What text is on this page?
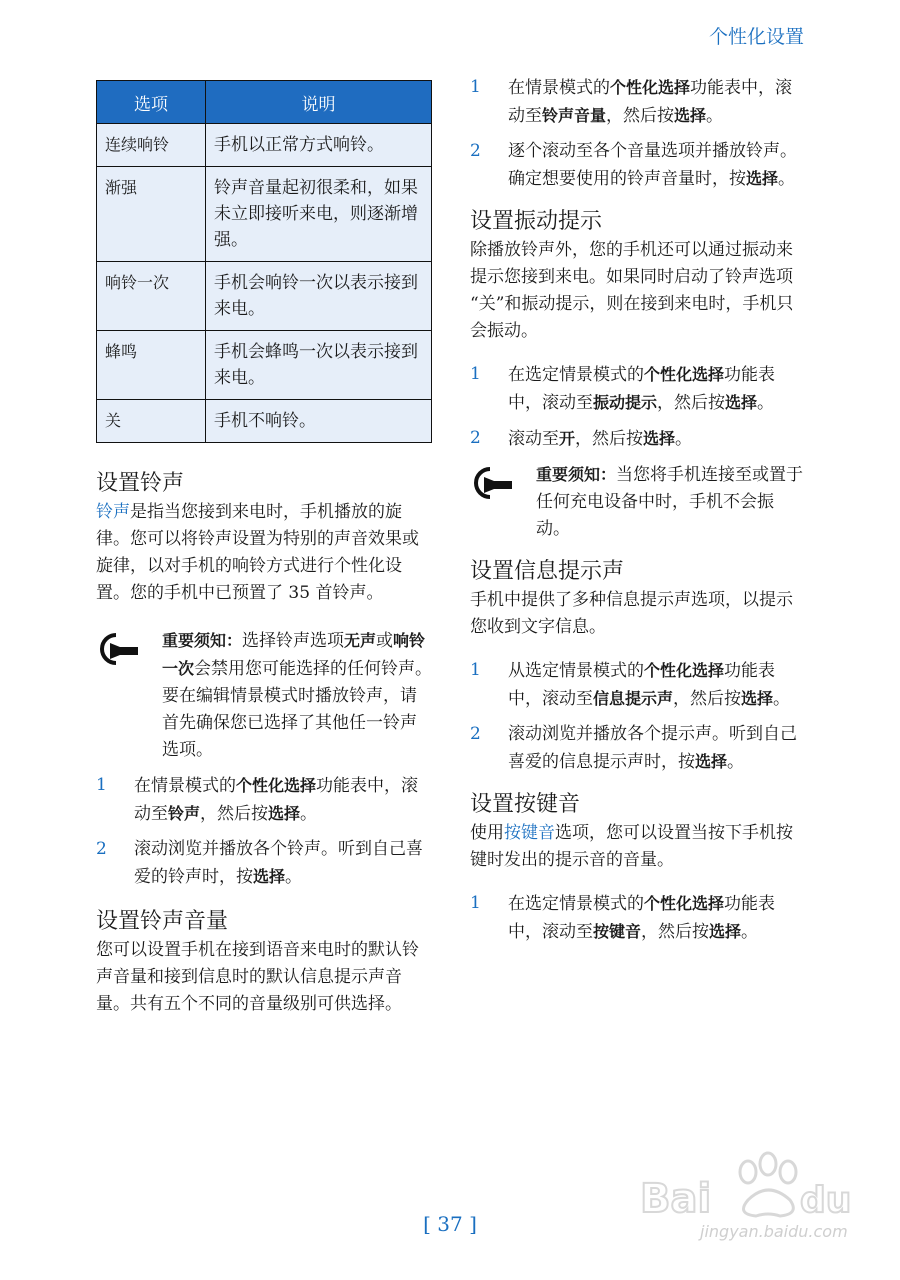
个性化设置
选项	说明
连续响铃	手机以正常方式响铃。
渐强	铃声音量起初很柔和，如果未立即接听来电，则逐渐增强。
响铃一次	手机会响铃一次以表示接到来电。
蜂鸣	手机会蜂鸣一次以表示接到来电。
关	手机不响铃。
设置铃声

铃声是指当您接到来电时，手机播放的旋律。您可以将铃声设置为特别的声音效果或旋律，以对手机的响铃方式进行个性化设置。您的手机中已预置了 35 首铃声。

重要须知：选择铃声选项无声或响铃一次会禁用您可能选择的任何铃声。要在编辑情景模式时播放铃声，请首先确保您已选择了其他任一铃声选项。
1 在情景模式的个性化选择功能表中，滚动至铃声，然后按选择。
2 滚动浏览并播放各个铃声。听到自己喜爱的铃声时，按选择。
设置铃声音量

您可以设置手机在接到语音来电时的默认铃声音量和接到信息时的默认信息提示声音量。共有五个不同的音量级别可供选择。

1 在情景模式的个性化选择功能表中，滚动至铃声音量，然后按选择。
2 逐个滚动至各个音量选项并播放铃声。确定想要使用的铃声音量时，按选择。
设置振动提示

除播放铃声外，您的手机还可以通过振动来提示您接到来电。如果同时启动了铃声选项 “关”和振动提示，则在接到来电时，手机只会振动。

1 在选定情景模式的个性化选择功能表中，滚动至振动提示，然后按选择。
2 滚动至开，然后按选择。
重要须知：当您将手机连接至或置于任何充电设备中时，手机不会振动。
设置信息提示声

手机中提供了多种信息提示声选项，以提示您收到文字信息。

1 从选定情景模式的个性化选择功能表中，滚动至信息提示声，然后按选择。
2 滚动浏览并播放各个提示声。听到自己喜爱的信息提示声时，按选择。
设置按键音

使用按键音选项，您可以设置当按下手机按键时发出的提示音的音量。

1 在选定情景模式的个性化选择功能表中，滚动至按键音，然后按选择。
Bai du
jingyan.baidu.com
[ 37 ]
